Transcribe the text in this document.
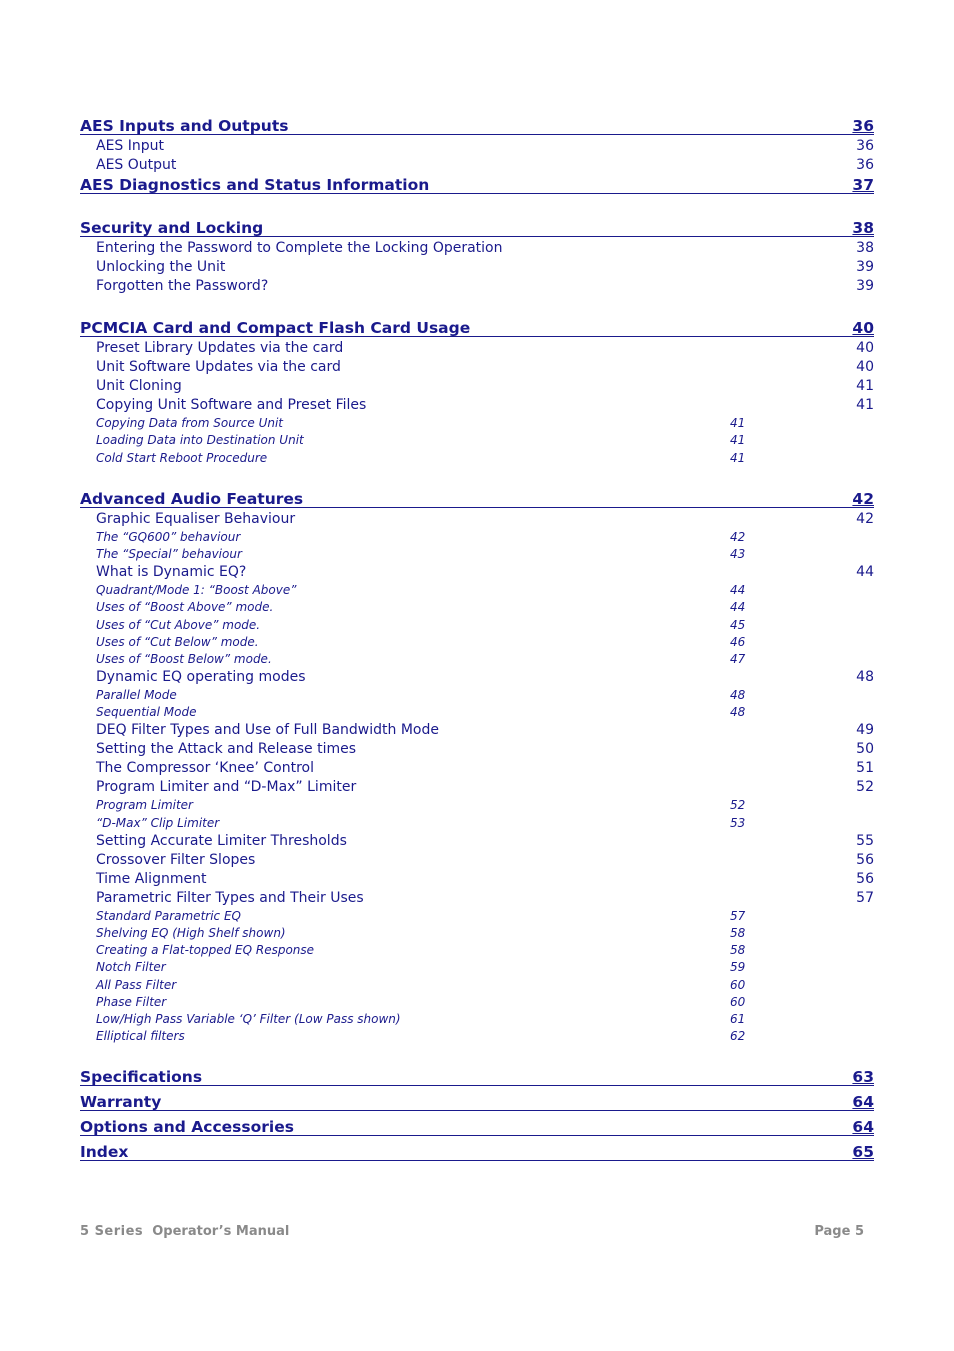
AES Inputs and Outputs	36
AES Input	36
AES Output	36
AES Diagnostics and Status Information	37
Security and Locking	38
Entering the Password to Complete the Locking Operation	38
Unlocking the Unit	39
Forgotten the Password?	39
PCMCIA Card and Compact Flash Card Usage	40
Preset Library Updates via the card	40
Unit Software Updates via the card	40
Unit Cloning	41
Copying Unit Software and Preset Files	41
Copying Data from Source Unit	41
Loading Data into Destination Unit	41
Cold Start Reboot Procedure	41
Advanced Audio Features	42
Graphic Equaliser Behaviour	42
The “GQ600” behaviour	42
The “Special” behaviour	43
What is Dynamic EQ?	44
Quadrant/Mode 1: “Boost Above”	44
Uses of “Boost Above” mode.	44
Uses of “Cut Above” mode.	45
Uses of “Cut Below” mode.	46
Uses of “Boost Below” mode.	47
Dynamic EQ operating modes	48
Parallel Mode	48
Sequential Mode	48
DEQ Filter Types and Use of Full Bandwidth Mode	49
Setting the Attack and Release times	50
The Compressor ‘Knee’ Control	51
Program Limiter and “D-Max” Limiter	52
Program Limiter	52
“D-Max” Clip Limiter	53
Setting Accurate Limiter Thresholds	55
Crossover Filter Slopes	56
Time Alignment	56
Parametric Filter Types and Their Uses	57
Standard Parametric EQ	57
Shelving EQ (High Shelf shown)	58
Creating a Flat-topped EQ Response	58
Notch Filter	59
All Pass Filter	60
Phase Filter	60
Low/High Pass Variable ‘Q’ Filter (Low Pass shown)	61
Elliptical filters	62
Specifications	63
Warranty	64
Options and Accessories	64
Index	65
5 Series Operator’s Manual	Page 5
